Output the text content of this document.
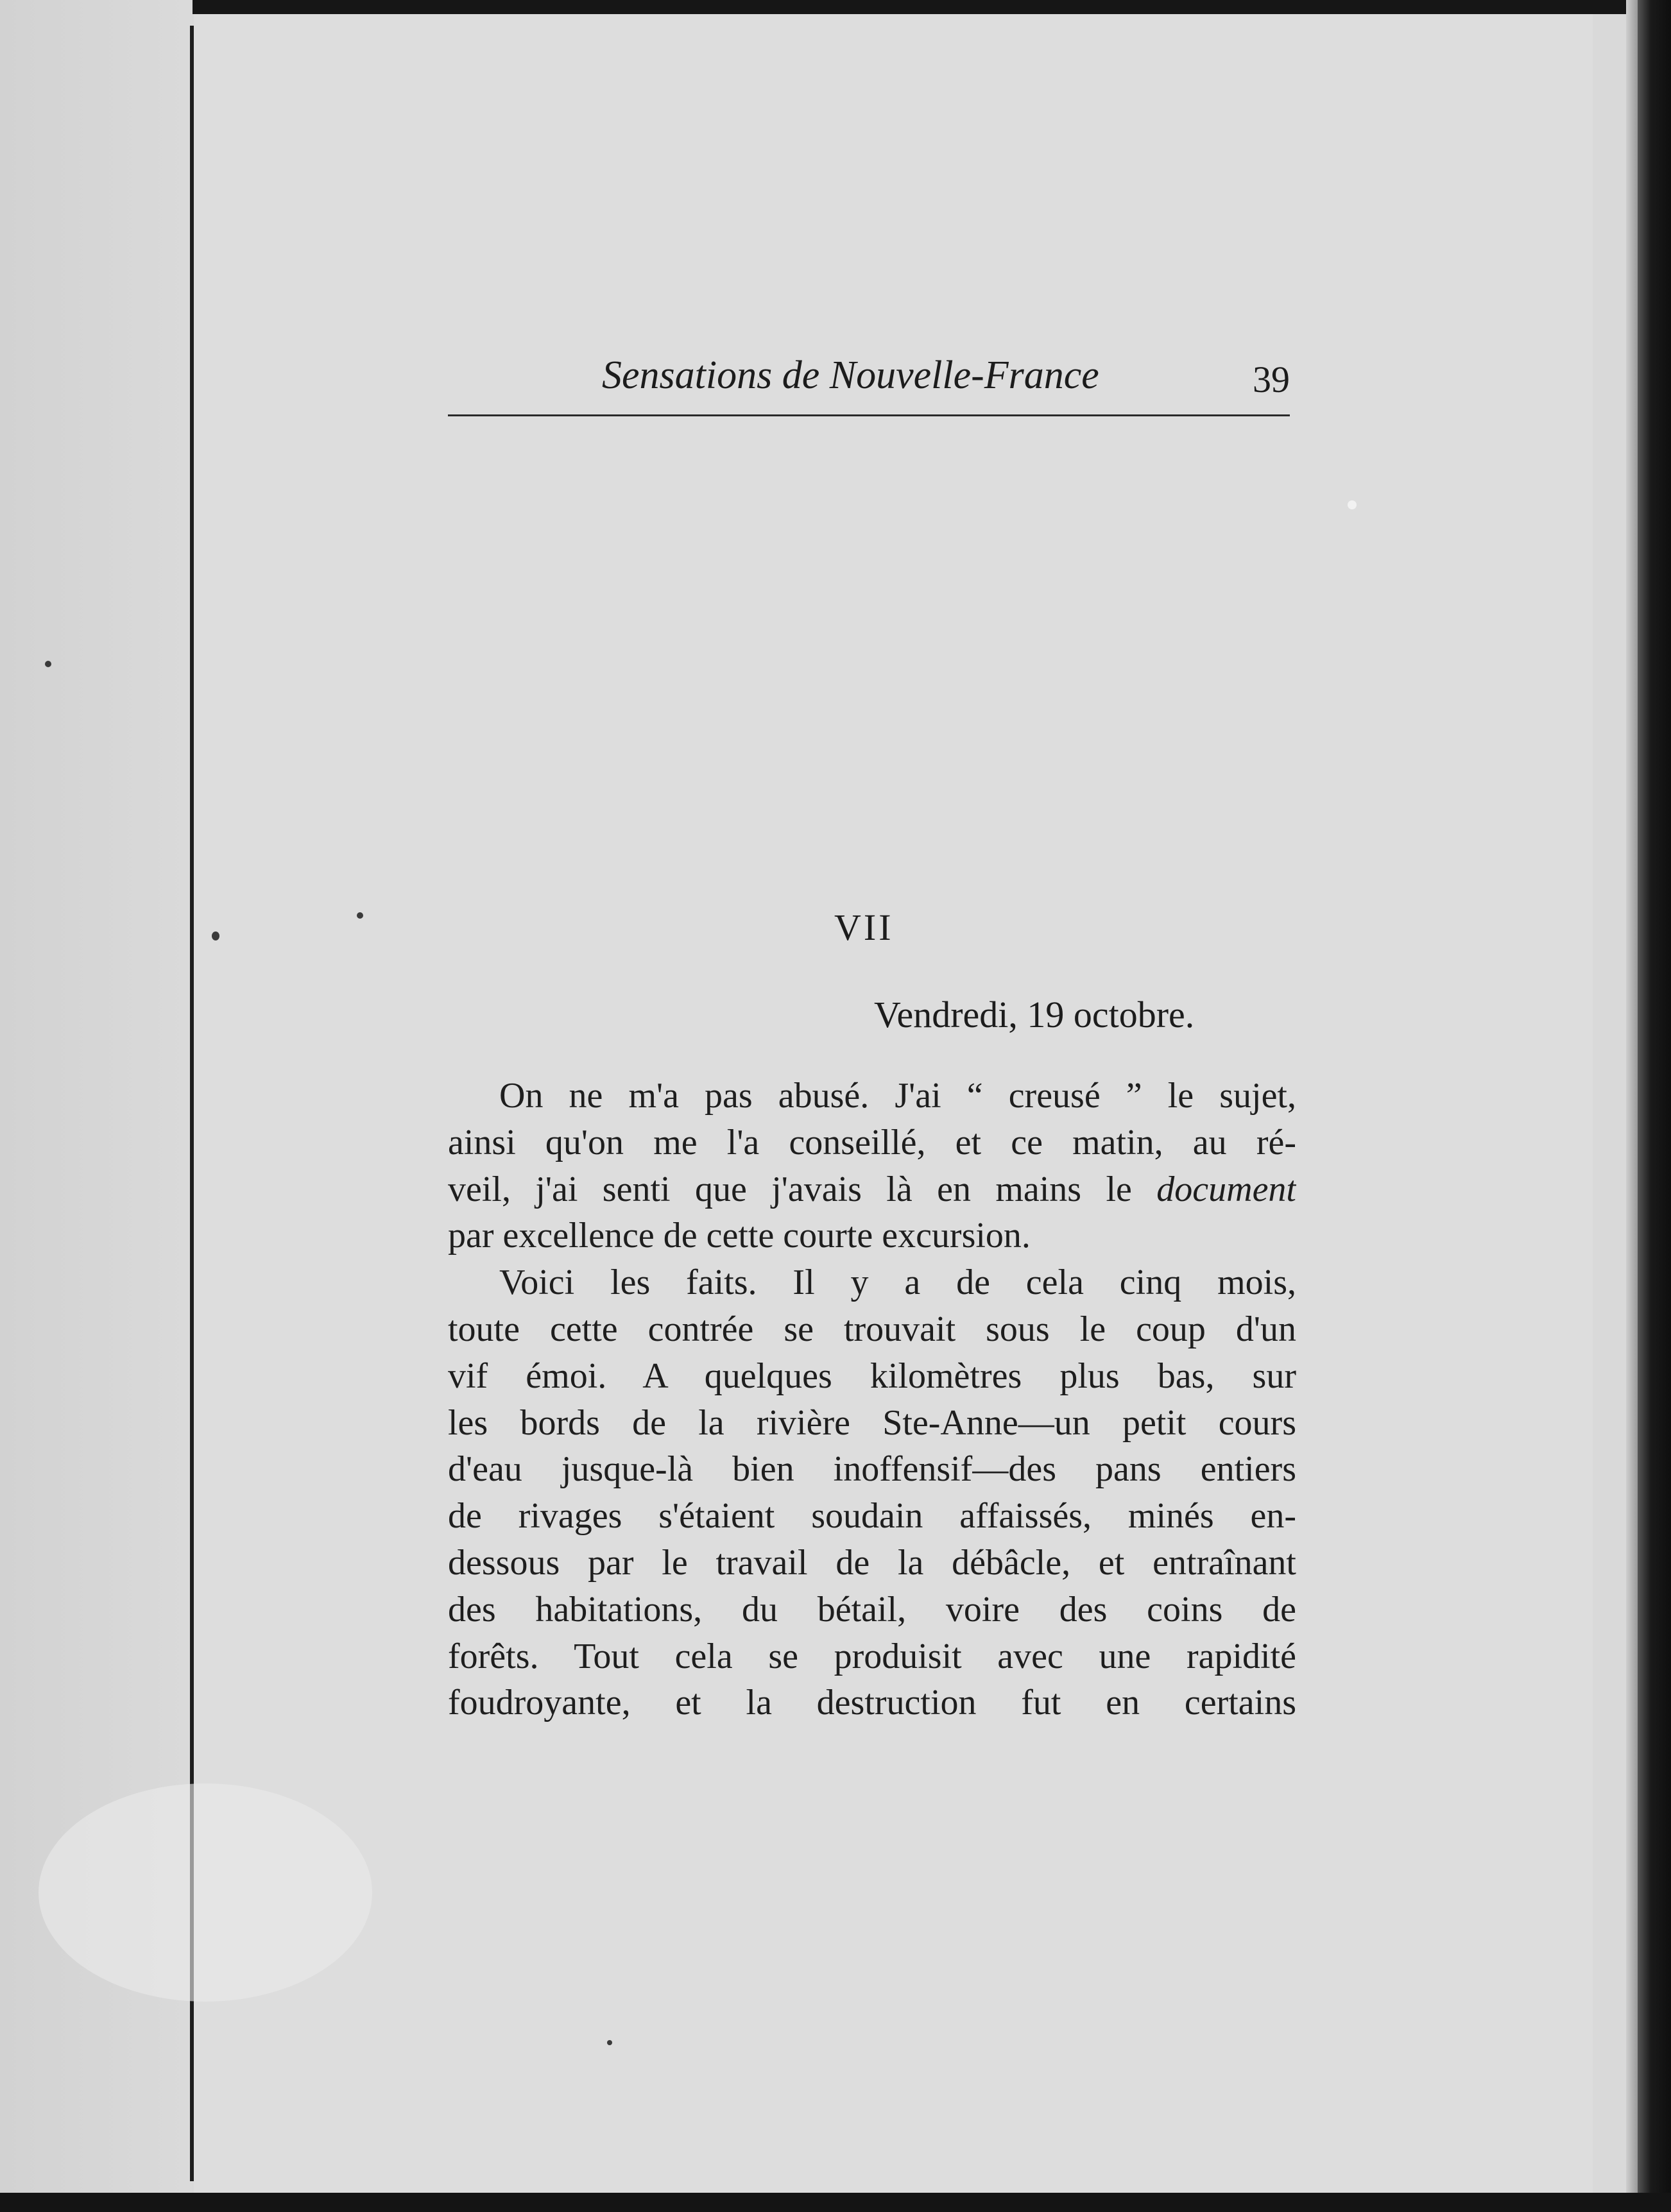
Sensations de Nouvelle-France	39
VII
Vendredi, 19 octobre.
On ne m'a pas abusé. J'ai “ creusé ” le sujet,
ainsi qu'on me l'a conseillé, et ce matin, au ré-
veil, j'ai senti que j'avais là en mains le document
par excellence de cette courte excursion.
Voici les faits. Il y a de cela cinq mois,
toute cette contrée se trouvait sous le coup d'un
vif émoi. A quelques kilomètres plus bas, sur
les bords de la rivière Ste-Anne—un petit cours
d'eau jusque-là bien inoffensif—des pans entiers
de rivages s'étaient soudain affaissés, minés en-
dessous par le travail de la débâcle, et entraînant
des habitations, du bétail, voire des coins de
forêts. Tout cela se produisit avec une rapidité
foudroyante, et la destruction fut en certains
